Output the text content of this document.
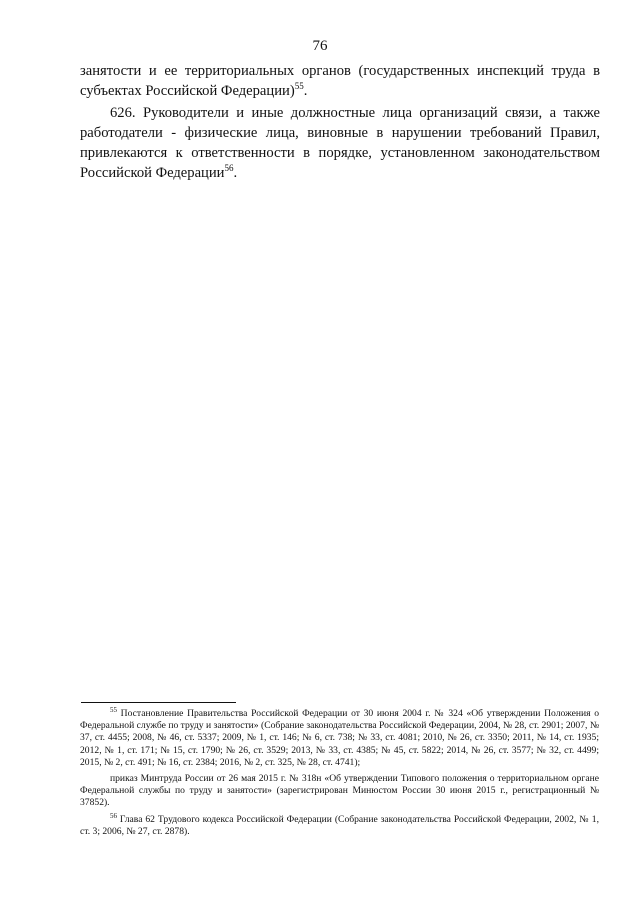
76

занятости и ее территориальных органов (государственных инспекций труда в субъектах Российской Федерации)$^{55}$.

626. Руководители и иные должностные лица организаций связи, а также работодатели - физические лица, виновные в нарушении требований Правил, привлекаются к ответственности в порядке, установленном законодательством Российской Федерации$^{56}$.

$^{55}$ Постановление Правительства Российской Федерации от 30 июня 2004 г. № 324 «Об утверждении Положения о Федеральной службе по труду и занятости» (Собрание законодательства Российской Федерации, 2004, № 28, ст. 2901; 2007, № 37, ст. 4455; 2008, № 46, ст. 5337; 2009, № 1, ст. 146; № 6, ст. 738; № 33, ст. 4081; 2010, № 26, ст. 3350; 2011, № 14, ст. 1935; 2012, № 1, ст. 171; № 15, ст. 1790; № 26, ст. 3529; 2013, № 33, ст. 4385; № 45, ст. 5822; 2014, № 26, ст. 3577; № 32, ст. 4499; 2015, № 2, ст. 491; № 16, ст. 2384; 2016, № 2, ст. 325, № 28, ст. 4741);

приказ Минтруда России от 26 мая 2015 г. № 318н «Об утверждении Типового положения о территориальном органе Федеральной службы по труду и занятости» (зарегистрирован Минюстом России 30 июня 2015 г., регистрационный № 37852).

$^{56}$ Глава 62 Трудового кодекса Российской Федерации (Собрание законодательства Российской Федерации, 2002, № 1, ст. 3; 2006, № 27, ст. 2878).
